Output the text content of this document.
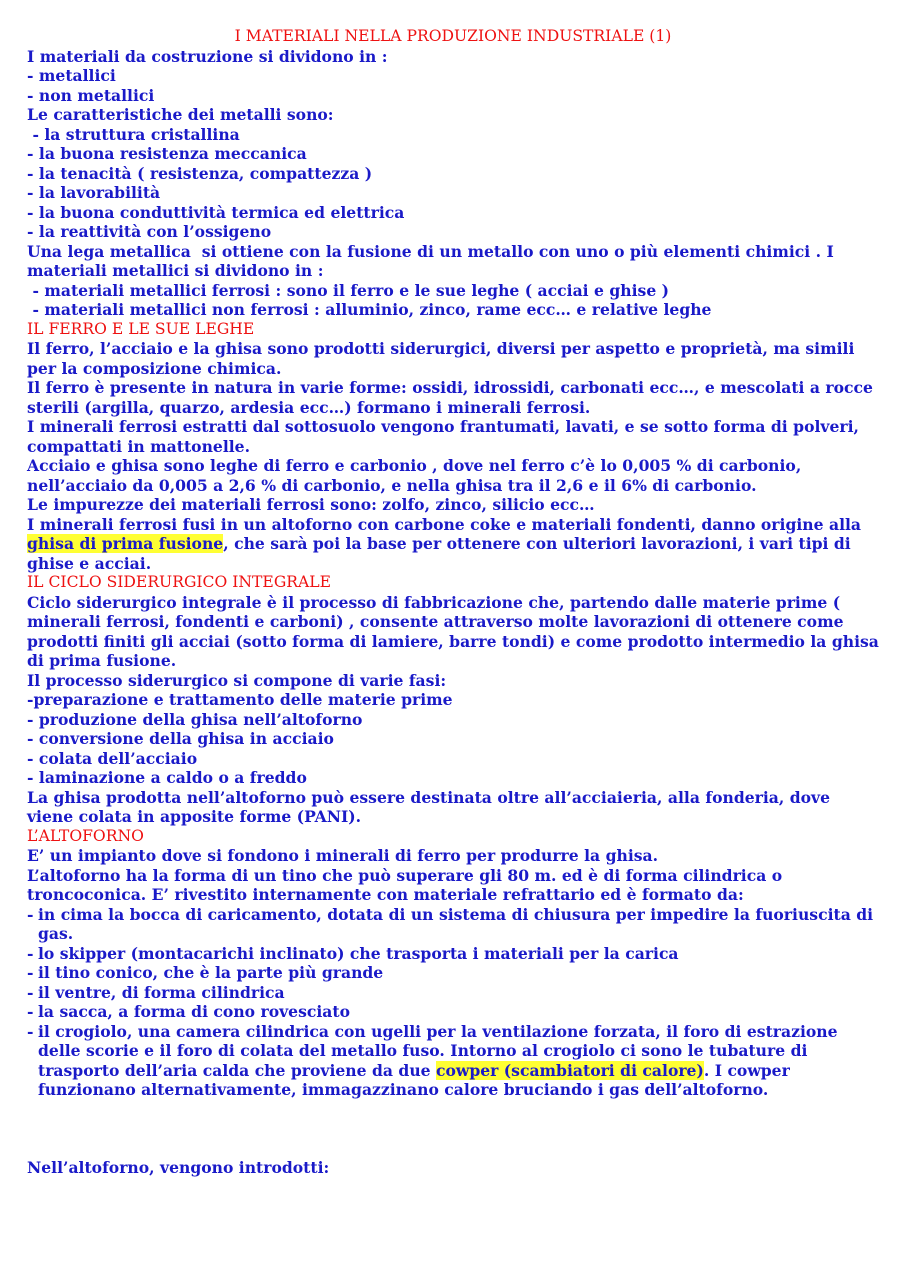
I MATERIALI NELLA PRODUZIONE INDUSTRIALE (1)
I materiali da costruzione si dividono in :
- metallici
- non metallici
Le caratteristiche dei metalli sono:
- la struttura cristallina
- la buona resistenza meccanica
- la tenacità ( resistenza, compattezza )
- la lavorabilità
- la buona conduttività termica ed elettrica
- la reattività con l’ossigeno
Una lega metallica  si ottiene con la fusione di un metallo con uno o più elementi chimici . I materiali metallici si dividono in :
- materiali metallici ferrosi : sono il ferro e le sue leghe ( acciai e ghise )
- materiali metallici non ferrosi : alluminio, zinco, rame ecc… e relative leghe
IL FERRO E LE SUE LEGHE
Il ferro, l’acciaio e la ghisa sono prodotti siderurgici, diversi per aspetto e proprietà, ma simili per la composizione chimica.
Il ferro è presente in natura in varie forme: ossidi, idrossidi, carbonati ecc…, e mescolati a rocce sterili (argilla, quarzo, ardesia ecc…) formano i minerali ferrosi.
I minerali ferrosi estratti dal sottosuolo vengono frantumati, lavati, e se sotto forma di polveri, compattati in mattonelle.
Acciaio e ghisa sono leghe di ferro e carbonio , dove nel ferro c’è lo 0,005 % di carbonio, nell’acciaio da 0,005 a 2,6 % di carbonio, e nella ghisa tra il 2,6 e il 6% di carbonio.
Le impurezze dei materiali ferrosi sono: zolfo, zinco, silicio ecc…
I minerali ferrosi fusi in un altoforno con carbone coke e materiali fondenti, danno origine alla ghisa di prima fusione, che sarà poi la base per ottenere con ulteriori lavorazioni, i vari tipi di ghise e acciai.
IL CICLO SIDERURGICO INTEGRALE
Ciclo siderurgico integrale è il processo di fabbricazione che, partendo dalle materie prime ( minerali ferrosi, fondenti e carboni) , consente attraverso molte lavorazioni di ottenere come prodotti finiti gli acciai (sotto forma di lamiere, barre tondi) e come prodotto intermedio la ghisa di prima fusione.
Il processo siderurgico si compone di varie fasi:
-preparazione e trattamento delle materie prime
- produzione della ghisa nell’altoforno
- conversione della ghisa in acciaio
- colata dell’acciaio
- laminazione a caldo o a freddo
La ghisa prodotta nell’altoforno può essere destinata oltre all’acciaieria, alla fonderia, dove viene colata in apposite forme (PANI).
L’ALTOFORNO
E’ un impianto dove si fondono i minerali di ferro per produrre la ghisa.
L’altoforno ha la forma di un tino che può superare gli 80 m. ed è di forma cilindrica o troncoconica. E’ rivestito internamente con materiale refrattario ed è formato da:
- in cima la bocca di caricamento, dotata di un sistema di chiusura per impedire la fuoriuscita di gas.
- lo skipper (montacarichi inclinato) che trasporta i materiali per la carica
- il tino conico, che è la parte più grande
- il ventre, di forma cilindrica
- la sacca, a forma di cono rovesciato
- il crogiolo, una camera cilindrica con ugelli per la ventilazione forzata, il foro di estrazione delle scorie e il foro di colata del metallo fuso. Intorno al crogiolo ci sono le tubature di trasporto dell’aria calda che proviene da due cowper (scambiatori di calore). I cowper funzionano alternativamente, immagazzinano calore bruciando i gas dell’altoforno.
Nell’altoforno, vengono introdotti:
